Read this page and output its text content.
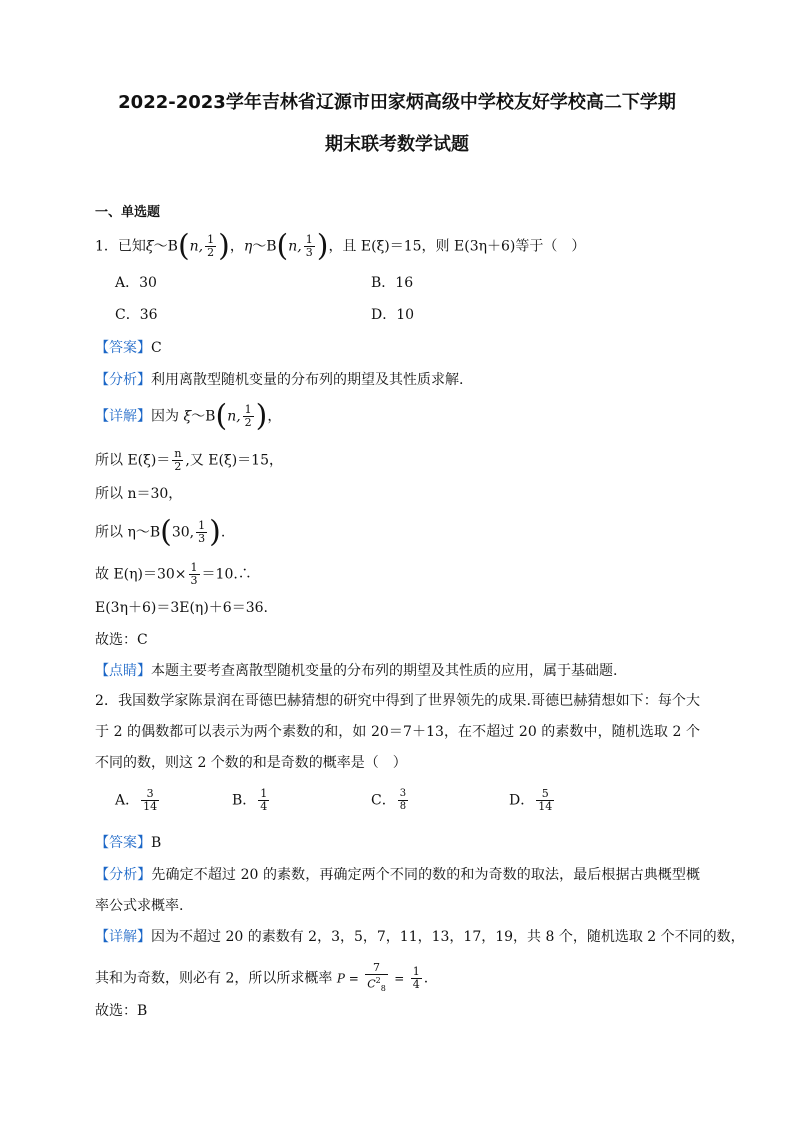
2022-2023学年吉林省辽源市田家炳高级中学校友好学校高二下学期
期末联考数学试题
一、单选题
1．已知ξ～B(n, $\frac{1}{2}$ )，η～B(n, $\frac{1}{3}$ )，且 E(ξ)＝15，则 E(3η＋6)等于（　）
A．30	B．16
C．36	D．10
【答案】C
【分析】利用离散型随机变量的分布列的期望及其性质求解.
【详解】因为 ξ～B(n, $\frac{1}{2}$ )，
所以 $E(\xi)= \frac{n}{2}$ ,又 E(ξ)＝15，
所以 n＝30，
所以 η～B(30, $\frac{1}{3}$ ).
故 $E(\eta)=30\times \frac{1}{3}$ ＝10.∴
E(3η＋6)＝3E(η)＋6＝36.
故选：C
【点睛】本题主要考查离散型随机变量的分布列的期望及其性质的应用，属于基础题.
2．我国数学家陈景润在哥德巴赫猜想的研究中得到了世界领先的成果.哥德巴赫猜想如下：每个大于 2 的偶数都可以表示为两个素数的和，如 20＝7＋13，在不超过 20 的素数中，随机选取 2 个不同的数，则这 2 个数的和是奇数的概率是（　）
A． $\frac{3}{14}$	B． $\frac{1}{4}$	C． $\frac{3}{8}$	D． $\frac{5}{14}$
【答案】B
【分析】先确定不超过 20 的素数，再确定两个不同的数的和为奇数的取法，最后根据古典概型概率公式求概率.
【详解】因为不超过 20 的素数有 2，3，5，7，11，13，17，19，共 8 个，随机选取 2 个不同的数，
其和为奇数，则必有 2，所以所求概率 $P = \frac{7}{C^2_8} = \frac{1}{4}$ .
故选：B
